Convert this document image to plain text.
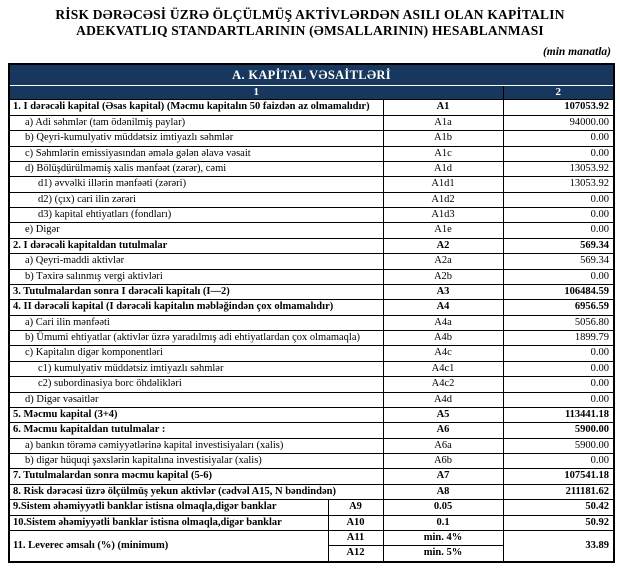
RİSK DƏRƏCƏSİ ÜZRƏ ÖLÇÜLMÜŞ AKTİVLƏRDƏN ASILI OLAN KAPİTALIN
ADEKVATLIQ STANDARTLARININ (ƏMSALLARININ) HESABLANMASI
(min manatla)
A. KAPİTAL VƏSAİTLƏRİ			
1			2
1. I dərəcəli kapital (Əsas kapital) (Məcmu kapitalın 50 faizdən az olmamalıdır)		A1	107053.92
a) Adi səhmlər (tam ödənilmiş paylar)		A1a	94000.00
b) Qeyri-kumulyativ müddətsiz imtiyazlı səhmlər		A1b	0.00
c) Səhmlərin emissiyasından əmələ gələn əlavə vəsait		A1c	0.00
d) Bölüşdürülməmiş xalis mənfəət (zərər), cəmi		A1d	13053.92
d1) əvvəlki illərin mənfəəti (zərəri)		A1d1	13053.92
d2) (çıx) cari ilin zərəri		A1d2	0.00
d3) kapital ehtiyatları (fondları)		A1d3	0.00
e) Digər		A1e	0.00
2. I dərəcəli kapitaldan tutulmalar		A2	569.34
a) Qeyri-maddi aktivlər		A2a	569.34
b) Təxirə salınmış vergi aktivləri		A2b	0.00
3. Tutulmalardan sonra I dərəcəli kapitalı (I—2)		A3	106484.59
4. II dərəcəli kapital (I dərəcəli kapitalın məbləğindən çox olmamalıdır)		A4	6956.59
a) Cari ilin mənfəəti		A4a	5056.80
b) Ümumi ehtiyatlar (aktivlər üzrə yaradılmış adi ehtiyatlardan çox olmamaqla)		A4b	1899.79
c) Kapitalın digər komponentləri		A4c	0.00
c1) kumulyativ müddətsiz imtiyazlı səhmlər		A4c1	0.00
c2) subordinasiya borc öhdəlikləri		A4c2	0.00
d) Digər vəsaitlər		A4d	0.00
5. Məcmu kapital (3+4)		A5	113441.18
6. Məcmu kapitaldan tutulmalar :		A6	5900.00
a) bankın törəmə cəmiyyətlərinə kapital investisiyaları (xalis)		A6a	5900.00
b) digər hüquqi şəxslərin kapitalına investisiyalar (xalis)		A6b	0.00
7. Tutulmalardan sonra məcmu kapital (5-6)		A7	107541.18
8. Risk dərəcəsi üzrə ölçülmüş yekun aktivlər (cədvəl A15, N bəndindən)		A8	211181.62
9.Sistem əhəmiyyətli banklar istisna olmaqla,digər banklar	A9	0.05	50.42
10.Sistem əhəmiyyətli banklar istisna olmaqla,digər banklar	A10	0.1	50.92
11. Leverec əmsalı (%) (minimum)	A11	min. 4%	33.89
	A12	min. 5%	
